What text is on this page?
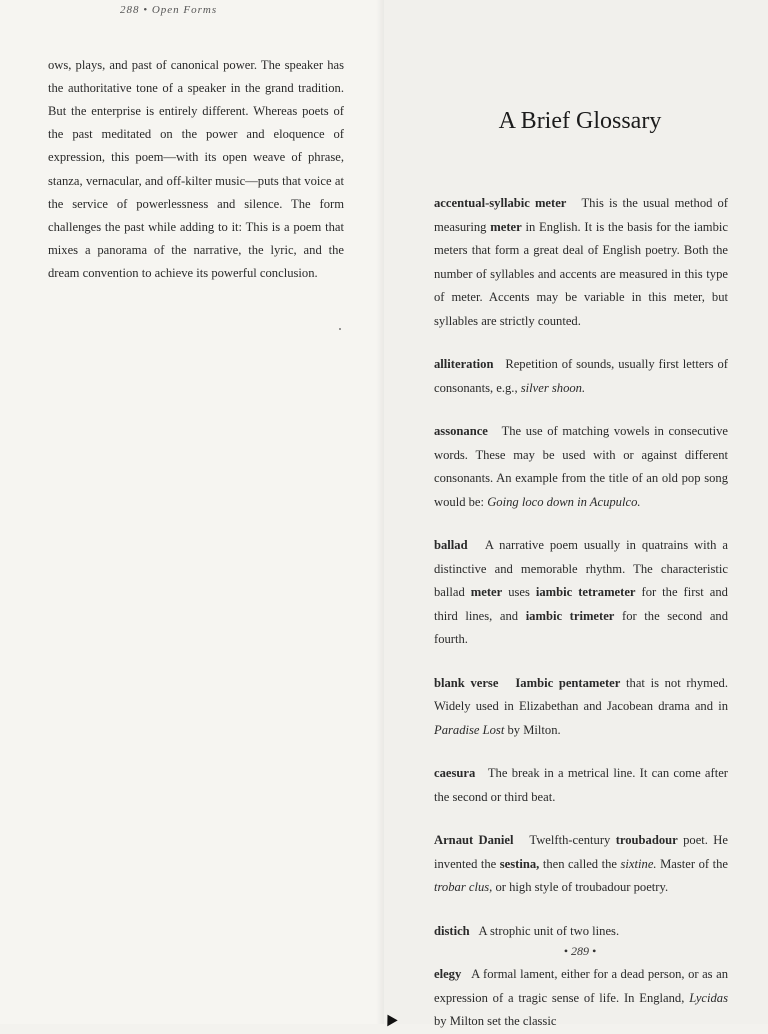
288 • Open Forms

ows, plays, and past of canonical power. The speaker has the authoritative tone of a speaker in the grand tradition. But the enterprise is entirely different. Whereas poets of the past meditated on the power and eloquence of expression, this poem—with its open weave of phrase, stanza, vernacular, and off-kilter music—puts that voice at the service of powerlessness and silence. The form challenges the past while adding to it: This is a poem that mixes a panorama of the narrative, the lyric, and the dream convention to achieve its powerful conclusion.

A Brief Glossary

accentual-syllabic meter This is the usual method of measuring meter in English. It is the basis for the iambic meters that form a great deal of English poetry. Both the number of syllables and accents are measured in this type of meter. Accents may be variable in this meter, but syllables are strictly counted.

alliteration Repetition of sounds, usually first letters of consonants, e.g., silver shoon.

assonance The use of matching vowels in consecutive words. These may be used with or against different consonants. An example from the title of an old pop song would be: Going loco down in Acupulco.

ballad A narrative poem usually in quatrains with a distinctive and memorable rhythm. The characteristic ballad meter uses iambic tetrameter for the first and third lines, and iambic trimeter for the second and fourth.

blank verse Iambic pentameter that is not rhymed. Widely used in Elizabethan and Jacobean drama and in Paradise Lost by Milton.

caesura The break in a metrical line. It can come after the second or third beat.

Arnaut Daniel Twelfth-century troubadour poet. He invented the sestina, then called the sixtine. Master of the trobar clus, or high style of troubadour poetry.

distich A strophic unit of two lines.

elegy A formal lament, either for a dead person, or as an expression of a tragic sense of life. In England, Lycidas by Milton set the classic

• 289 •
